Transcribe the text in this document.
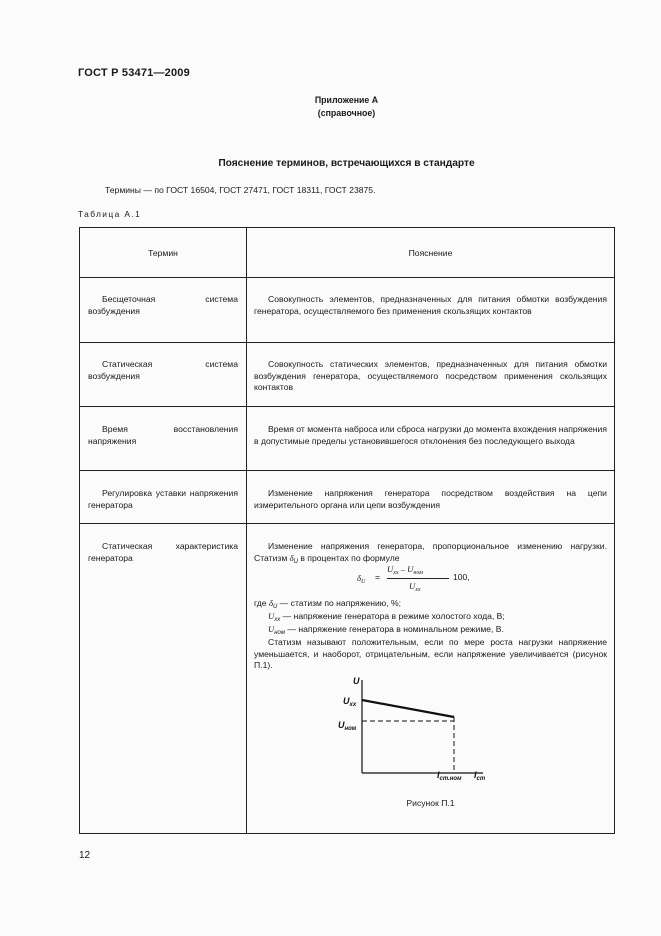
ГОСТ Р 53471—2009
Приложение А
(справочное)
Пояснение терминов, встречающихся в стандарте
Термины — по ГОСТ 16504, ГОСТ 27471, ГОСТ 18311, ГОСТ 23875.
Таблица А.1
Термин	Пояснение
Бесщеточная система возбуждения
Совокупность элементов, предназначенных для питания обмотки возбуждения генератора, осуществляемого без применения скользящих контактов
Статическая система возбуждения
Совокупность статических элементов, предназначенных для питания обмотки возбуждения генератора, осуществляемого посредством применения скользящих контактов
Время восстановления напряжения
Время от момента наброса или сброса нагрузки до момента вхождения напряжения в допустимые пределы установившегося отклонения без последующего выхода
Регулировка уставки напряжения генератора
Изменение напряжения генератора посредством воздействия на цепи измерительного органа или цепи возбуждения
Статическая характеристика генератора

Изменение напряжения генератора, пропорциональное изменению нагрузки. Статизм $\delta_U$ в процентах по формуле

$\delta_U$ =
$U_{хх} - U_{ном}$
$U_{хх}$
100,

где $\delta_U$ — статизм по напряжению, %;

$U_{хх}$ — напряжение генератора в режиме холостого хода, В;

$U_{ном}$ — напряжение генератора в номинальном режиме, В.

Статизм называют положительным, если по мере роста нагрузки напряжение уменьшается, и наоборот, отрицательным, если напряжение увеличивается (рисунок П.1).

U
$U_{хх}$
$U_{ном}$
$I_{ст.ном}$ $I_{ст}$
Рисунок П.1
12
